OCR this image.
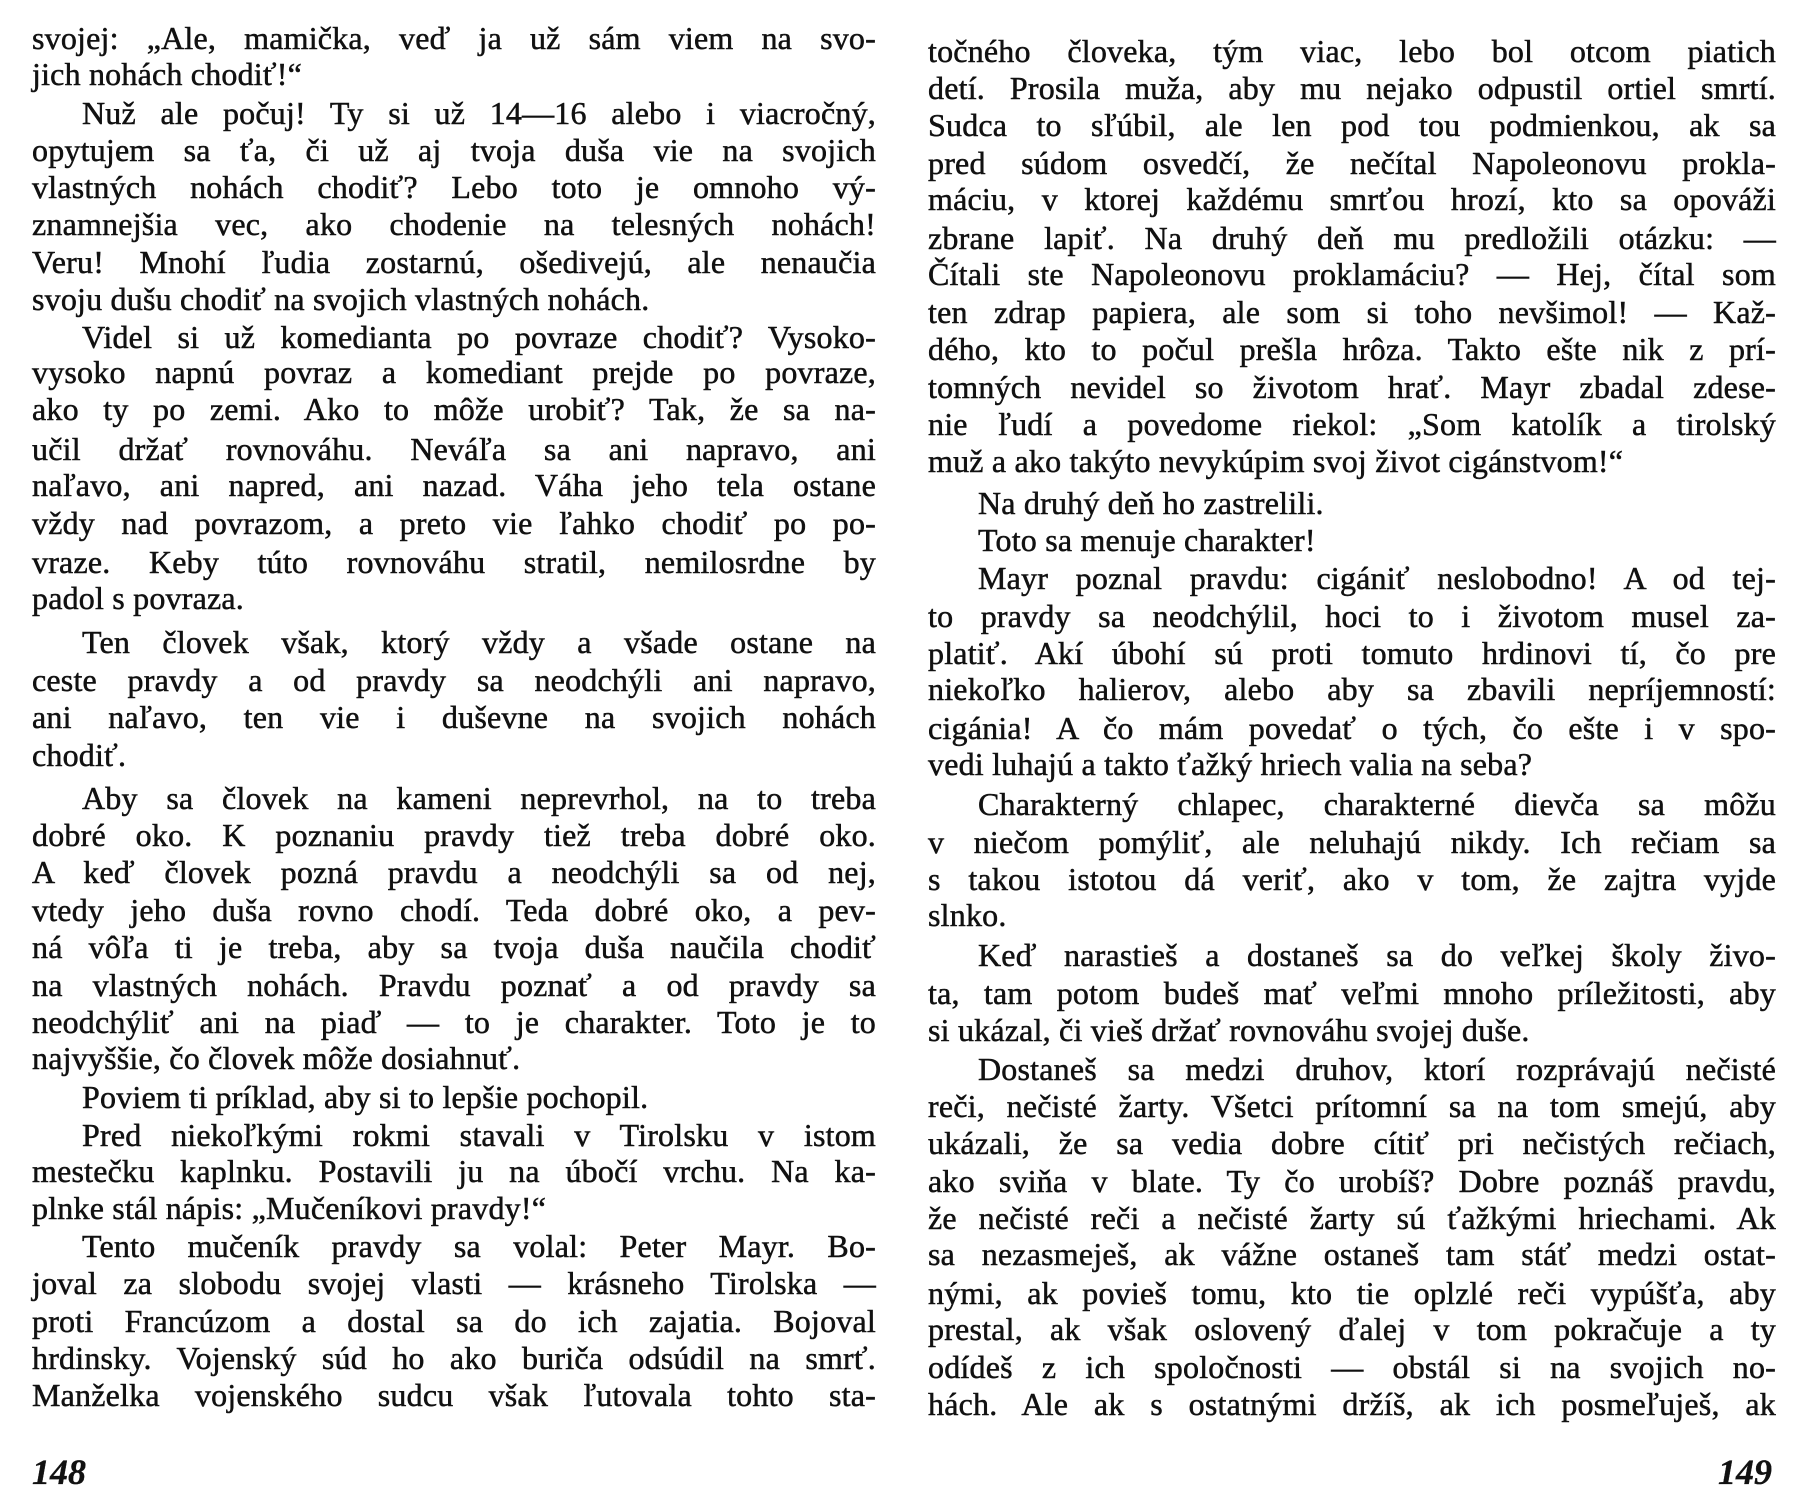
svojej: „Ale, mamička, veď ja už sám viem na svo-
jich nohách chodiť!“
Nuž ale počuj! Ty si už 14—16 alebo i viacročný,
opytujem sa ťa, či už aj tvoja duša vie na svojich
vlastných nohách chodiť? Lebo toto je omnoho vý-
znamnejšia vec, ako chodenie na telesných nohách!
Veru! Mnohí ľudia zostarnú, ošedivejú, ale nenaučia
svoju dušu chodiť na svojich vlastných nohách.
Videl si už komedianta po povraze chodiť? Vysoko-
vysoko napnú povraz a komediant prejde po povraze,
ako ty po zemi. Ako to môže urobiť? Tak, že sa na-
učil držať rovnováhu. Neváľa sa ani napravo, ani
naľavo, ani napred, ani nazad. Váha jeho tela ostane
vždy nad povrazom, a preto vie ľahko chodiť po po-
vraze. Keby túto rovnováhu stratil, nemilosrdne by
padol s povraza.
Ten človek však, ktorý vždy a všade ostane na
ceste pravdy a od pravdy sa neodchýli ani napravo,
ani naľavo, ten vie i duševne na svojich nohách
chodiť.
Aby sa človek na kameni neprevrhol, na to treba
dobré oko. K poznaniu pravdy tiež treba dobré oko.
A keď človek pozná pravdu a neodchýli sa od nej,
vtedy jeho duša rovno chodí. Teda dobré oko, a pev-
ná vôľa ti je treba, aby sa tvoja duša naučila chodiť
na vlastných nohách. Pravdu poznať a od pravdy sa
neodchýliť ani na piaď — to je charakter. Toto je to
najvyššie, čo človek môže dosiahnuť.
Poviem ti príklad, aby si to lepšie pochopil.
Pred niekoľkými rokmi stavali v Tirolsku v istom
mestečku kaplnku. Postavili ju na úbočí vrchu. Na ka-
plnke stál nápis: „Mučeníkovi pravdy!“
Tento mučeník pravdy sa volal: Peter Mayr. Bo-
joval za slobodu svojej vlasti — krásneho Tirolska —
proti Francúzom a dostal sa do ich zajatia. Bojoval
hrdinsky. Vojenský súd ho ako buriča odsúdil na smrť.
Manželka vojenského sudcu však ľutovala tohto sta-
točného človeka, tým viac, lebo bol otcom piatich
detí. Prosila muža, aby mu nejako odpustil ortiel smrtí.
Sudca to sľúbil, ale len pod tou podmienkou, ak sa
pred súdom osvedčí, že nečítal Napoleonovu prokla-
máciu, v ktorej každému smrťou hrozí, kto sa opováži
zbrane lapiť. Na druhý deň mu predložili otázku: —
Čítali ste Napoleonovu proklamáciu? — Hej, čítal som
ten zdrap papiera, ale som si toho nevšimol! — Kaž-
dého, kto to počul prešla hrôza. Takto ešte nik z prí-
tomných nevidel so životom hrať. Mayr zbadal zdese-
nie ľudí a povedome riekol: „Som katolík a tirolský
muž a ako takýto nevykúpim svoj život cigánstvom!“
Na druhý deň ho zastrelili.
Toto sa menuje charakter!
Mayr poznal pravdu: cigániť neslobodno! A od tej-
to pravdy sa neodchýlil, hoci to i životom musel za-
platiť. Akí úbohí sú proti tomuto hrdinovi tí, čo pre
niekoľko halierov, alebo aby sa zbavili nepríjemností:
cigánia! A čo mám povedať o tých, čo ešte i v spo-
vedi luhajú a takto ťažký hriech valia na seba?
Charakterný chlapec, charakterné dievča sa môžu
v niečom pomýliť, ale neluhajú nikdy. Ich rečiam sa
s takou istotou dá veriť, ako v tom, že zajtra vyjde
slnko.
Keď narastieš a dostaneš sa do veľkej školy živo-
ta, tam potom budeš mať veľmi mnoho príležitosti, aby
si ukázal, či vieš držať rovnováhu svojej duše.
Dostaneš sa medzi druhov, ktorí rozprávajú nečisté
reči, nečisté žarty. Všetci prítomní sa na tom smejú, aby
ukázali, že sa vedia dobre cítiť pri nečistých rečiach,
ako sviňa v blate. Ty čo urobíš? Dobre poznáš pravdu,
že nečisté reči a nečisté žarty sú ťažkými hriechami. Ak
sa nezasmeješ, ak vážne ostaneš tam stáť medzi ostat-
nými, ak povieš tomu, kto tie oplzlé reči vypúšťa, aby
prestal, ak však oslovený ďalej v tom pokračuje a ty
odídeš z ich spoločnosti — obstál si na svojich no-
hách. Ale ak s ostatnými držíš, ak ich posmeľuješ, ak
148	149
